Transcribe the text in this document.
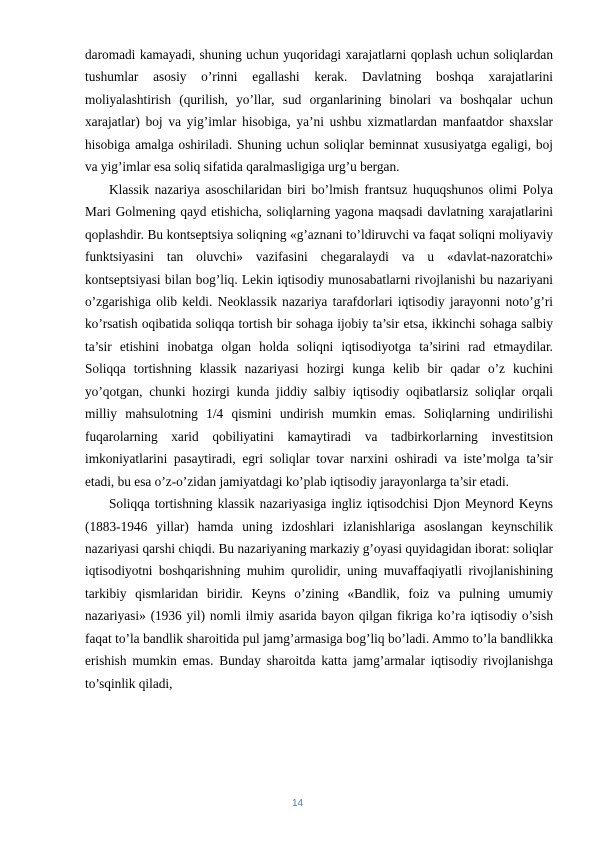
daromadi kamayadi, shuning uchun yuqoridagi xarajatlarni qoplash uchun soliqlardan tushumlar asosiy o’rinni egallashi kerak. Davlatning boshqa xarajatlarini moliyalashtirish (qurilish, yo’llar, sud organlarining binolari va boshqalar uchun xarajatlar) boj va yig’imlar hisobiga, ya’ni ushbu xizmatlardan manfaatdor shaxslar hisobiga amalga oshiriladi. Shuning uchun soliqlar beminnat xususiyatga egaligi, boj va yig’imlar esa soliq sifatida qaralmasligiga urg’u bergan.

Klassik nazariya asoschilaridan biri bo’lmish frantsuz huquqshunos olimi Polya Mari Golmening qayd etishicha, soliqlarning yagona maqsadi davlatning xarajatlarini qoplashdir. Bu kontseptsiya soliqning «g’aznani to’ldiruvchi va faqat soliqni moliyaviy funktsiyasini tan oluvchi» vazifasini chegaralaydi va u «davlat-nazoratchi» kontseptsiyasi bilan bog’liq. Lekin iqtisodiy munosabatlarni rivojlanishi bu nazariyani o’zgarishiga olib keldi. Neoklassik nazariya tarafdorlari iqtisodiy jarayonni noto’g’ri ko’rsatish oqibatida soliqqa tortish bir sohaga ijobiy ta’sir etsa, ikkinchi sohaga salbiy ta’sir etishini inobatga olgan holda soliqni iqtisodiyotga ta’sirini rad etmaydilar. Soliqqa tortishning klassik nazariyasi hozirgi kunga kelib bir qadar o’z kuchini yo’qotgan, chunki hozirgi kunda jiddiy salbiy iqtisodiy oqibatlarsiz soliqlar orqali milliy mahsulotning 1/4 qismini undirish mumkin emas. Soliqlarning undirilishi fuqarolarning xarid qobiliyatini kamaytiradi va tadbirkorlarning investitsion imkoniyatlarini pasaytiradi, egri soliqlar tovar narxini oshiradi va iste’molga ta’sir etadi, bu esa o’z-o’zidan jamiyatdagi ko’plab iqtisodiy jarayonlarga ta’sir etadi.

Soliqqa tortishning klassik nazariyasiga ingliz iqtisodchisi Djon Meynord Keyns (1883-1946 yillar) hamda uning izdoshlari izlanishlariga asoslangan keynschilik nazariyasi qarshi chiqdi. Bu nazariyaning markaziy g’oyasi quyidagidan iborat: soliqlar iqtisodiyotni boshqarishning muhim qurolidir, uning muvaffaqiyatli rivojlanishining tarkibiy qismlaridan biridir. Keyns o’zining «Bandlik, foiz va pulning umumiy nazariyasi» (1936 yil) nomli ilmiy asarida bayon qilgan fikriga ko’ra iqtisodiy o’sish faqat to’la bandlik sharoitida pul jamg’armasiga bog’liq bo’ladi. Ammo to’la bandlikka erishish mumkin emas. Bunday sharoitda katta jamg’armalar iqtisodiy rivojlanishga to’sqinlik qiladi,

14
